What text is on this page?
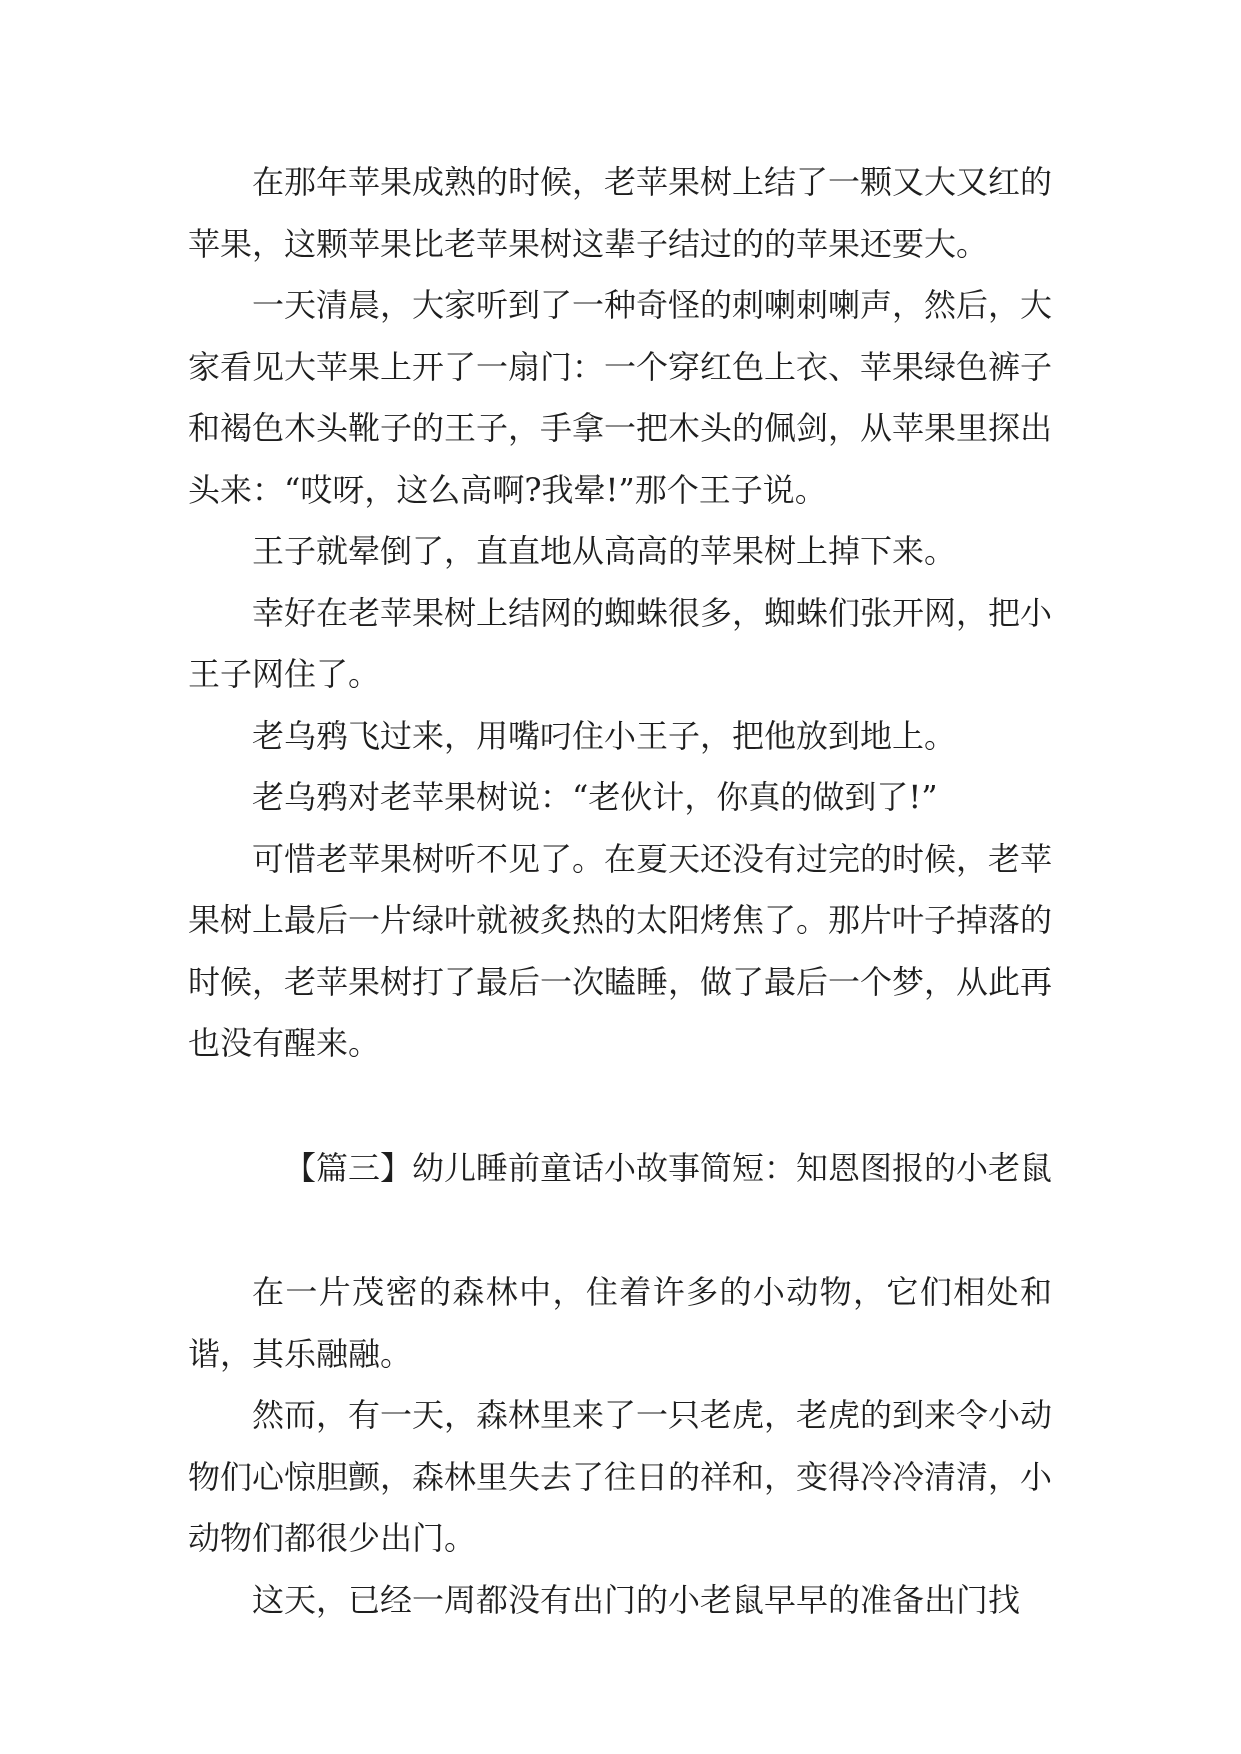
在那年苹果成熟的时候，老苹果树上结了一颗又大又红的苹果，这颗苹果比老苹果树这辈子结过的的苹果还要大。

一天清晨，大家听到了一种奇怪的刺喇刺喇声，然后，大家看见大苹果上开了一扇门：一个穿红色上衣、苹果绿色裤子和褐色木头靴子的王子，手拿一把木头的佩剑，从苹果里探出头来：“哎呀，这么高啊?我晕!”那个王子说。

王子就晕倒了，直直地从高高的苹果树上掉下来。

幸好在老苹果树上结网的蜘蛛很多，蜘蛛们张开网，把小王子网住了。

老乌鸦飞过来，用嘴叼住小王子，把他放到地上。

老乌鸦对老苹果树说：“老伙计，你真的做到了!”

可惜老苹果树听不见了。在夏天还没有过完的时候，老苹果树上最后一片绿叶就被炙热的太阳烤焦了。那片叶子掉落的时候，老苹果树打了最后一次瞌睡，做了最后一个梦，从此再也没有醒来。

【篇三】幼儿睡前童话小故事简短：知恩图报的小老鼠

在一片茂密的森林中，住着许多的小动物，它们相处和谐，其乐融融。

然而，有一天，森林里来了一只老虎，老虎的到来令小动物们心惊胆颤，森林里失去了往日的祥和，变得冷冷清清，小动物们都很少出门。

这天，已经一周都没有出门的小老鼠早早的准备出门找
